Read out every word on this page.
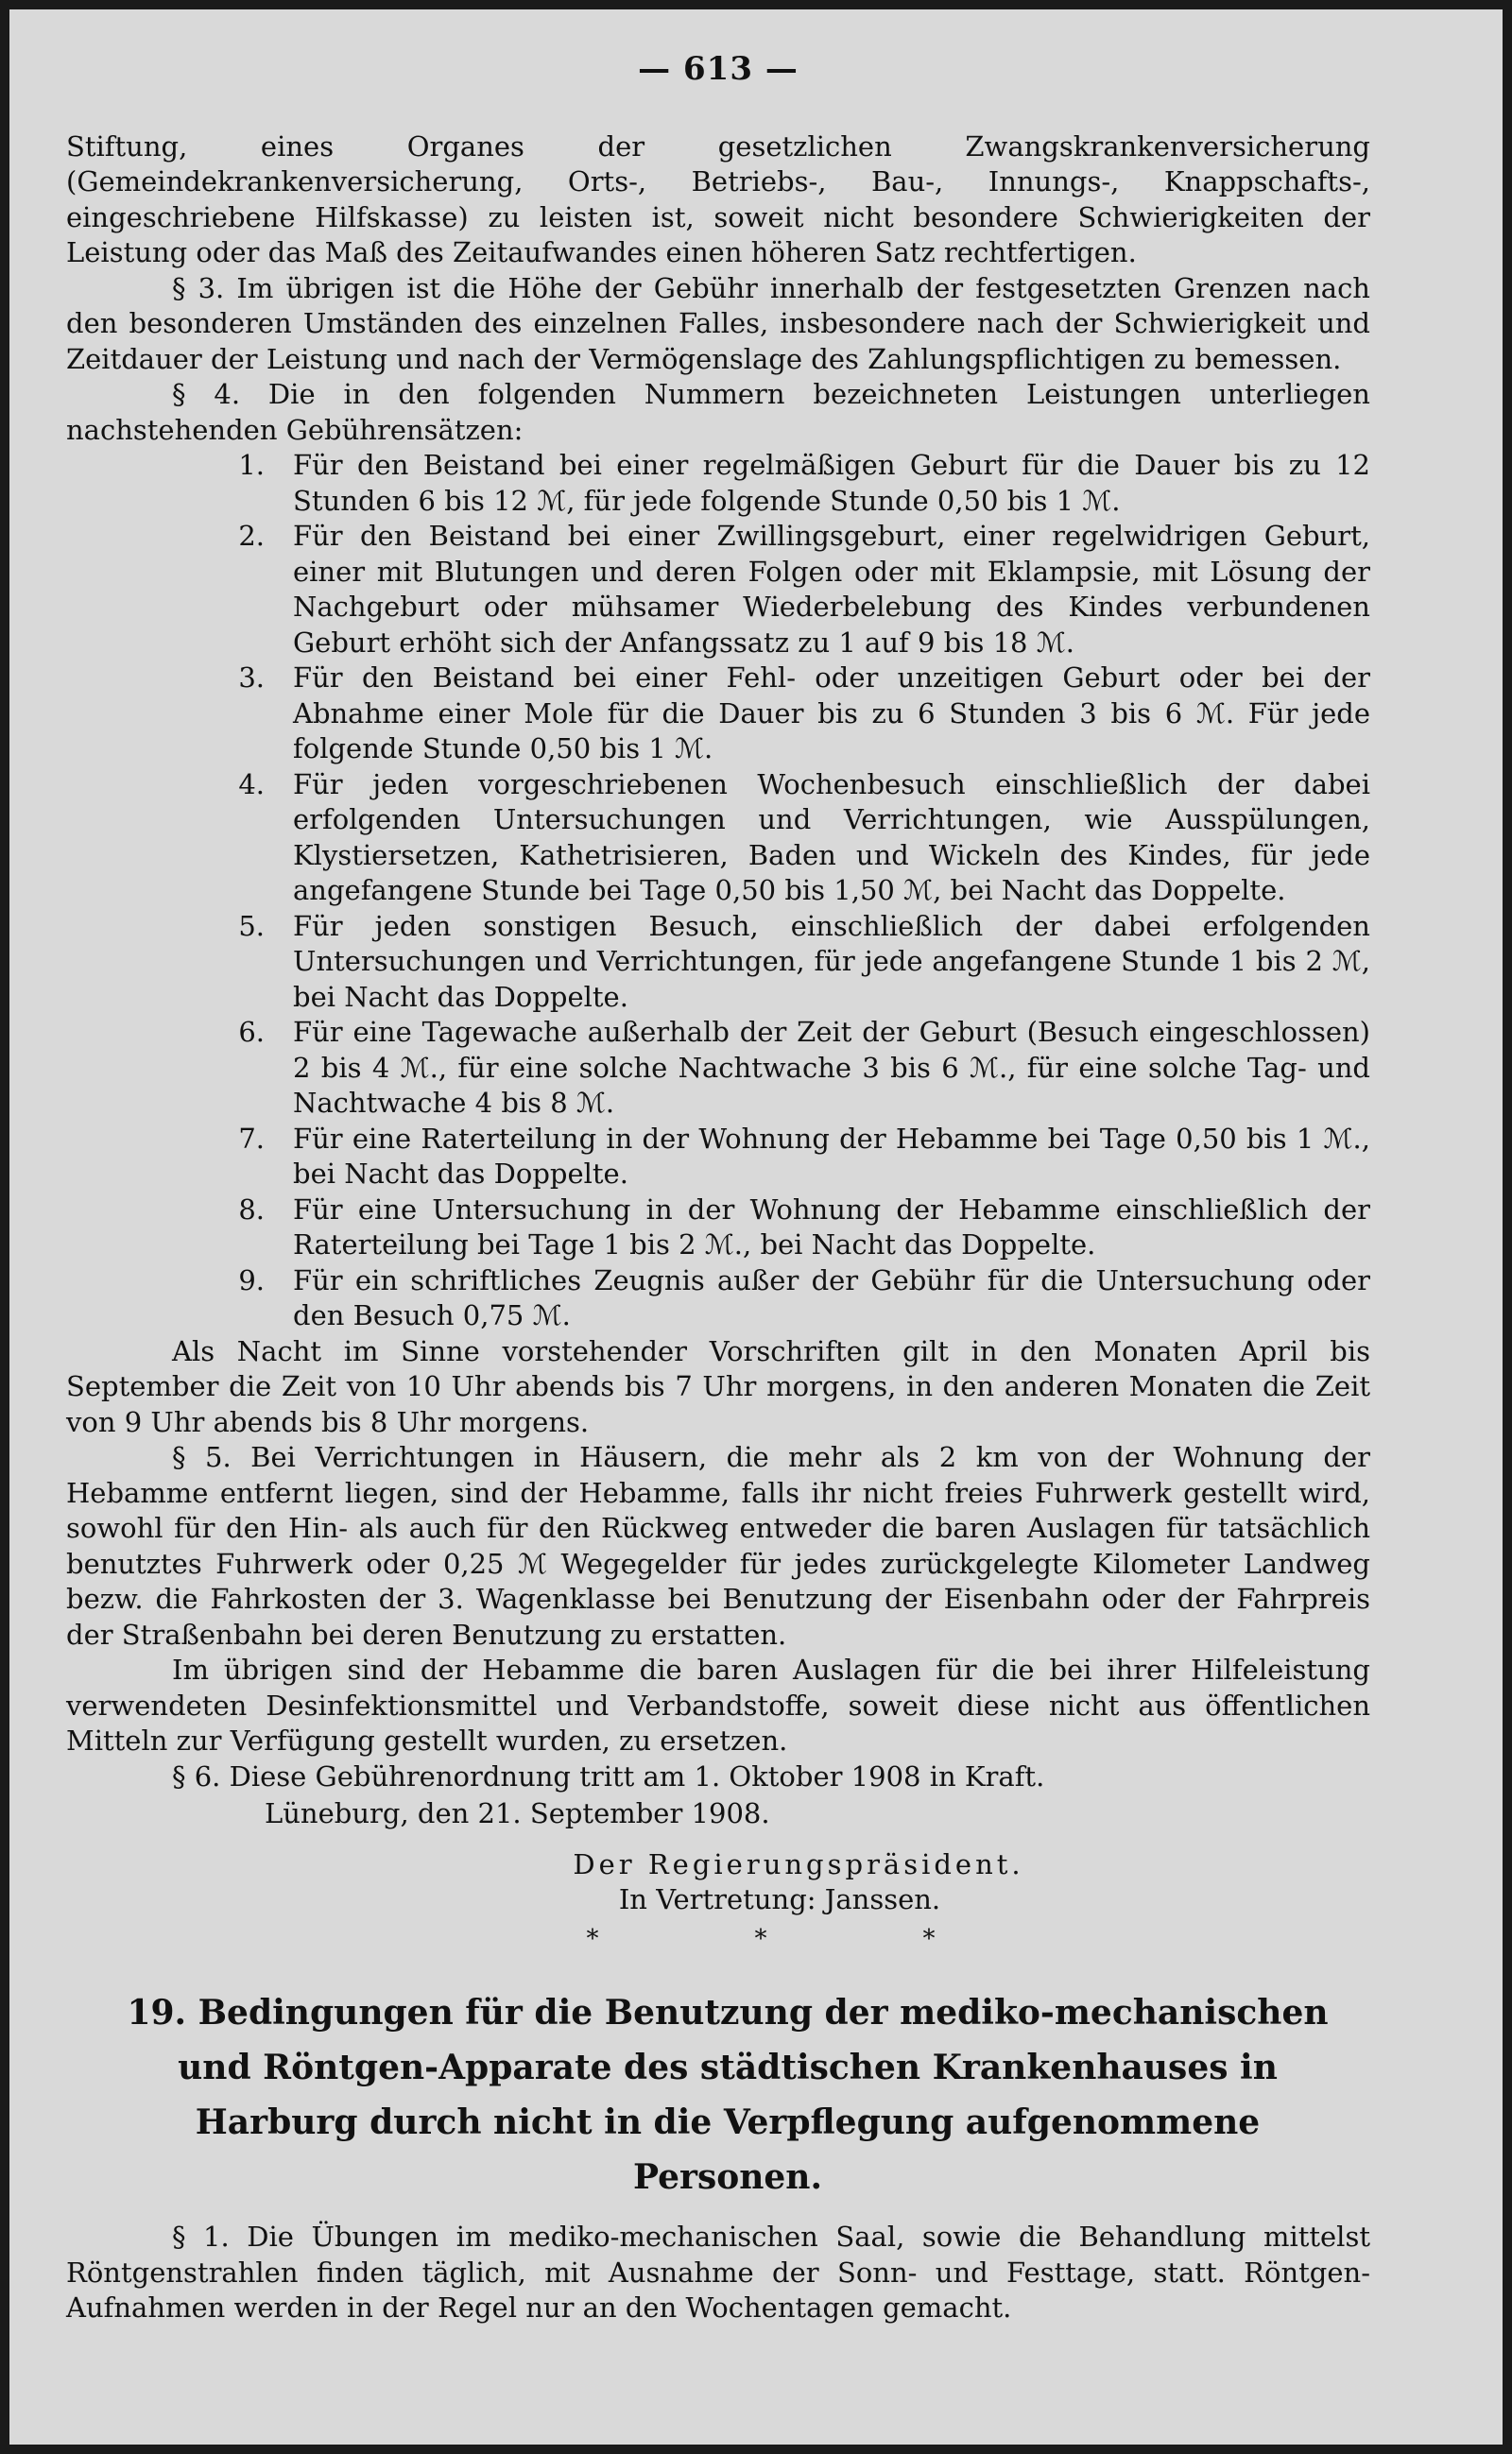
— 613 —

Stiftung, eines Organes der gesetzlichen Zwangskrankenversicherung (Gemeindekrankenversicherung, Orts-, Betriebs-, Bau-, Innungs-, Knappschafts-, eingeschriebene Hilfskasse) zu leisten ist, soweit nicht besondere Schwierigkeiten der Leistung oder das Maß des Zeitaufwandes einen höheren Satz rechtfertigen.

§ 3. Im übrigen ist die Höhe der Gebühr innerhalb der festgesetzten Grenzen nach den besonderen Umständen des einzelnen Falles, insbesondere nach der Schwierigkeit und Zeitdauer der Leistung und nach der Vermögenslage des Zahlungspflichtigen zu bemessen.

§ 4. Die in den folgenden Nummern bezeichneten Leistungen unterliegen nachstehenden Gebührensätzen:

1.	Für den Beistand bei einer regelmäßigen Geburt für die Dauer bis zu 12 Stunden 6 bis 12 ℳ, für jede folgende Stunde 0,50 bis 1 ℳ.
2.	Für den Beistand bei einer Zwillingsgeburt, einer regelwidrigen Geburt, einer mit Blutungen und deren Folgen oder mit Eklampsie, mit Lösung der Nachgeburt oder mühsamer Wiederbelebung des Kindes verbundenen Geburt erhöht sich der Anfangssatz zu 1 auf 9 bis 18 ℳ.
3.	Für den Beistand bei einer Fehl- oder unzeitigen Geburt oder bei der Abnahme einer Mole für die Dauer bis zu 6 Stunden 3 bis 6 ℳ. Für jede folgende Stunde 0,50 bis 1 ℳ.
4.	Für jeden vorgeschriebenen Wochenbesuch einschließlich der dabei erfolgenden Untersuchungen und Verrichtungen, wie Ausspülungen, Klystiersetzen, Kathetrisieren, Baden und Wickeln des Kindes, für jede angefangene Stunde bei Tage 0,50 bis 1,50 ℳ, bei Nacht das Doppelte.
5.	Für jeden sonstigen Besuch, einschließlich der dabei erfolgenden Untersuchungen und Verrichtungen, für jede angefangene Stunde 1 bis 2 ℳ, bei Nacht das Doppelte.
6.	Für eine Tagewache außerhalb der Zeit der Geburt (Besuch eingeschlossen) 2 bis 4 ℳ., für eine solche Nachtwache 3 bis 6 ℳ., für eine solche Tag- und Nachtwache 4 bis 8 ℳ.
7.	Für eine Raterteilung in der Wohnung der Hebamme bei Tage 0,50 bis 1 ℳ., bei Nacht das Doppelte.
8.	Für eine Untersuchung in der Wohnung der Hebamme einschließlich der Raterteilung bei Tage 1 bis 2 ℳ., bei Nacht das Doppelte.
9.	Für ein schriftliches Zeugnis außer der Gebühr für die Untersuchung oder den Besuch 0,75 ℳ.

Als Nacht im Sinne vorstehender Vorschriften gilt in den Monaten April bis September die Zeit von 10 Uhr abends bis 7 Uhr morgens, in den anderen Monaten die Zeit von 9 Uhr abends bis 8 Uhr morgens.

§ 5. Bei Verrichtungen in Häusern, die mehr als 2 km von der Wohnung der Hebamme entfernt liegen, sind der Hebamme, falls ihr nicht freies Fuhrwerk gestellt wird, sowohl für den Hin- als auch für den Rückweg entweder die baren Auslagen für tatsächlich benutztes Fuhrwerk oder 0,25 ℳ Wegegelder für jedes zurückgelegte Kilometer Landweg bezw. die Fahrkosten der 3. Wagenklasse bei Benutzung der Eisenbahn oder der Fahrpreis der Straßenbahn bei deren Benutzung zu erstatten.

Im übrigen sind der Hebamme die baren Auslagen für die bei ihrer Hilfeleistung verwendeten Desinfektionsmittel und Verbandstoffe, soweit diese nicht aus öffentlichen Mitteln zur Verfügung gestellt wurden, zu ersetzen.

§ 6. Diese Gebührenordnung tritt am 1. Oktober 1908 in Kraft.

Lüneburg, den 21. September 1908.
Der Regierungspräsident.
In Vertretung: Janssen.
*	*	*
19. Bedingungen für die Benutzung der mediko-mechanischen und Röntgen-Apparate des städtischen Krankenhauses in Harburg durch nicht in die Verpflegung aufgenommene Personen.

§ 1. Die Übungen im mediko-mechanischen Saal, sowie die Behandlung mittelst Röntgenstrahlen finden täglich, mit Ausnahme der Sonn- und Festtage, statt. Röntgen-Aufnahmen werden in der Regel nur an den Wochentagen gemacht.
